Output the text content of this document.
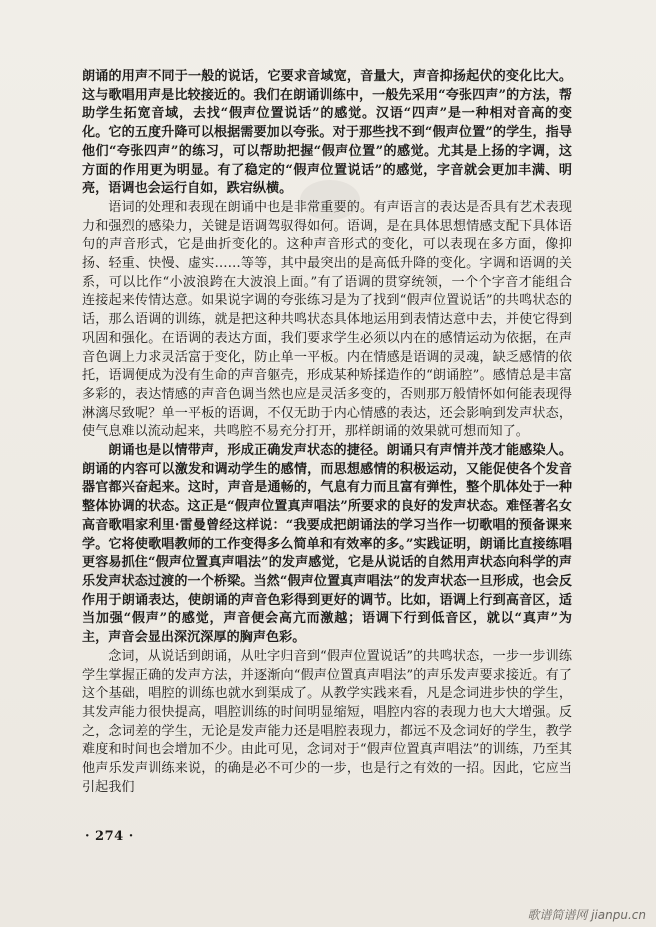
朗诵的用声不同于一般的说话，它要求音域宽，音量大，声音抑扬起伏的变化比大。这与歌唱用声是比较接近的。我们在朗诵训练中，一般先采用“夸张四声”的方法，帮助学生拓宽音域，去找“假声位置说话”的感觉。汉语“四声”是一种相对音高的变化。它的五度升降可以根据需要加以夸张。对于那些找不到“假声位置”的学生，指导他们“夸张四声”的练习，可以帮助把握“假声位置”的感觉。尤其是上扬的字调，这方面的作用更为明显。有了稳定的“假声位置说话”的感觉，字音就会更加丰满、明亮，语调也会运行自如，跌宕纵横。

语词的处理和表现在朗诵中也是非常重要的。有声语言的表达是否具有艺术表现力和强烈的感染力，关键是语调驾驭得如何。语调，是在具体思想情感支配下具体语句的声音形式，它是曲折变化的。这种声音形式的变化，可以表现在多方面，像抑扬、轻重、快慢、虚实……等等，其中最突出的是高低升降的变化。字调和语调的关系，可以比作“小波浪跨在大波浪上面。”有了语调的贯穿统领，一个个字音才能组合连接起来传情达意。如果说字调的夸张练习是为了找到“假声位置说话”的共鸣状态的话，那么语调的训练，就是把这种共鸣状态具体地运用到表情达意中去，并使它得到巩固和强化。在语调的表达方面，我们要求学生必须以内在的感情运动为依据，在声音色调上力求灵活富于变化，防止单一平板。内在情感是语调的灵魂，缺乏感情的依托，语调便成为没有生命的声音躯壳，形成某种矫揉造作的“朗诵腔”。感情总是丰富多彩的，表达情感的声音色调当然也应是灵活多变的，否则那万般情怀如何能表现得淋漓尽致呢？单一平板的语调，不仅无助于内心情感的表达，还会影响到发声状态，使气息难以流动起来，共鸣腔不易充分打开，那样朗诵的效果就可想而知了。

朗诵也是以情带声，形成正确发声状态的捷径。朗诵只有声情并茂才能感染人。朗诵的内容可以激发和调动学生的感情，而思想感情的积极运动，又能促使各个发音器官都兴奋起来。这时，声音是通畅的，气息有力而且富有弹性，整个肌体处于一种整体协调的状态。这正是“假声位置真声唱法”所要求的良好的发声状态。难怪著名女高音歌唱家利里·雷曼曾经这样说：“我要成把朗诵法的学习当作一切歌唱的预备课来学。它将使歌唱教师的工作变得多么简单和有效率的多。”实践证明，朗诵比直接练唱更容易抓住“假声位置真声唱法”的发声感觉，它是从说话的自然用声状态向科学的声乐发声状态过渡的一个桥梁。当然“假声位置真声唱法”的发声状态一旦形成，也会反作用于朗诵表达，使朗诵的声音色彩得到更好的调节。比如，语调上行到高音区，适当加强“假声”的感觉，声音便会高亢而激越；语调下行到低音区，就以“真声”为主，声音会显出深沉深厚的胸声色彩。

念词，从说话到朗诵，从吐字归音到“假声位置说话”的共鸣状态，一步一步训练学生掌握正确的发声方法，并逐渐向“假声位置真声唱法”的声乐发声要求接近。有了这个基础，唱腔的训练也就水到渠成了。从教学实践来看，凡是念词进步快的学生，其发声能力很快提高，唱腔训练的时间明显缩短，唱腔内容的表现力也大大增强。反之，念词差的学生，无论是发声能力还是唱腔表现力，都远不及念词好的学生，教学难度和时间也会增加不少。由此可见，念词对于“假声位置真声唱法”的训练，乃至其他声乐发声训练来说，的确是必不可少的一步，也是行之有效的一招。因此，它应当引起我们

· 274 ·
歌谱简谱网 jianpu.cn
